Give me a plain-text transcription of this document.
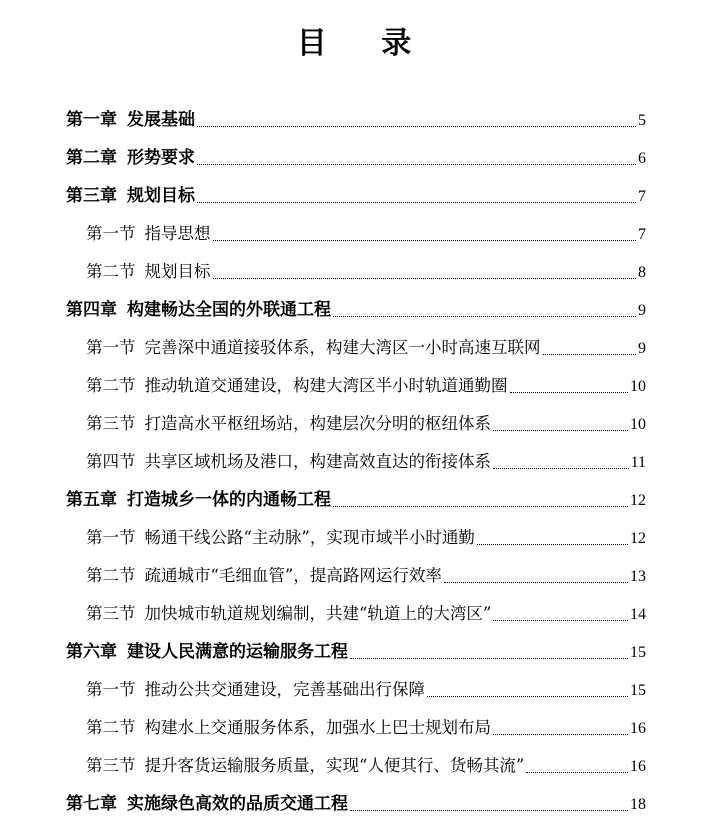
目 录
第一章 发展基础	5
第二章 形势要求	6
第三章 规划目标	7
第一节 指导思想	7
第二节 规划目标	8
第四章 构建畅达全国的外联通工程	9
第一节 完善深中通道接驳体系，构建大湾区一小时高速互联网	9
第二节 推动轨道交通建设，构建大湾区半小时轨道通勤圈	10
第三节 打造高水平枢纽场站，构建层次分明的枢纽体系	10
第四节 共享区域机场及港口，构建高效直达的衔接体系	11
第五章 打造城乡一体的内通畅工程	12
第一节 畅通干线公路“主动脉”，实现市域半小时通勤	12
第二节 疏通城市“毛细血管”，提高路网运行效率	13
第三节 加快城市轨道规划编制，共建“轨道上的大湾区”	14
第六章 建设人民满意的运输服务工程	15
第一节 推动公共交通建设，完善基础出行保障	15
第二节 构建水上交通服务体系，加强水上巴士规划布局	16
第三节 提升客货运输服务质量，实现“人便其行、货畅其流”	16
第七章 实施绿色高效的品质交通工程	18
